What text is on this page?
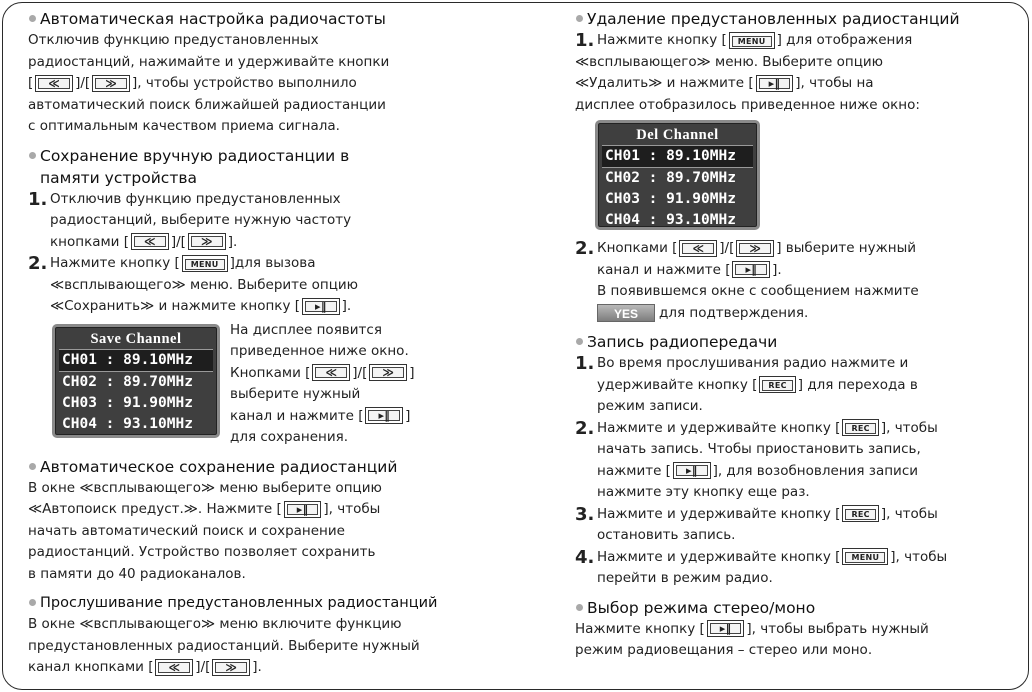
Автоматическая настройка радиочастоты
Отключив функцию предустановленных
радиостанций, нажимайте и удерживайте кнопки
[ ≪ ]/[ ≫ ], чтобы устройство выполнило
автоматический поиск ближайшей радиостанции
с оптимальным качеством приема сигнала.
Сохранение вручную радиостанции в
памяти устройства
1. Отключив функцию предустановленных
радиостанций, выберите нужную частоту
кнопками [ ≪ ]/[ ≫ ].
2. Нажмите кнопку [ MENU ]для вызова
≪всплывающего≫ меню. Выберите опцию
≪Сохранить≫ и нажмите кнопку [ ▸‖ ].
Save Channel
CH01 : 89.10MHz
CH02 : 89.70MHz
CH03 : 91.90MHz
CH04 : 93.10MHz
На дисплее появится
приведенное ниже окно.
Кнопками [ ≪ ]/[ ≫ ]
выберите нужный
канал и нажмите [ ▸‖ ]
для сохранения.
Автоматическое сохранение радиостанций
В окне ≪всплывающего≫ меню выберите опцию
≪Автопоиск предуст.≫. Нажмите [ ▸‖ ], чтобы
начать автоматический поиск и сохранение
радиостанций. Устройство позволяет сохранить
в памяти до 40 радиоканалов.
Прослушивание предустановленных радиостанций
В окне ≪всплывающего≫ меню включите функцию
предустановленных радиостанций. Выберите нужный
канал кнопками [ ≪ ]/[ ≫ ].
Удаление предустановленных радиостанций
1. Нажмите кнопку [ MENU ] для отображения
≪всплывающего≫ меню. Выберите опцию
≪Удалить≫ и нажмите [ ▸‖ ], чтобы на
дисплее отобразилось приведенное ниже окно:
Del Channel
CH01 : 89.10MHz
CH02 : 89.70MHz
CH03 : 91.90MHz
CH04 : 93.10MHz
2. Кнопками [ ≪ ]/[ ≫ ] выберите нужный
канал и нажмите [ ▸‖ ].
В появившемся окне с сообщением нажмите
YES для подтверждения.
Запись радиопередачи
1. Во время прослушивания радио нажмите и
удерживайте кнопку [ REC ] для перехода в
режим записи.
2. Нажмите и удерживайте кнопку [ REC ], чтобы
начать запись. Чтобы приостановить запись,
нажмите [ ▸‖ ], для возобновления записи
нажмите эту кнопку еще раз.
3. Нажмите и удерживайте кнопку [ REC ], чтобы
остановить запись.
4. Нажмите и удерживайте кнопку [ MENU ], чтобы
перейти в режим радио.
Выбор режима стерео/моно
Нажмите кнопку [ ▸‖ ], чтобы выбрать нужный
режим радиовещания – стерео или моно.
